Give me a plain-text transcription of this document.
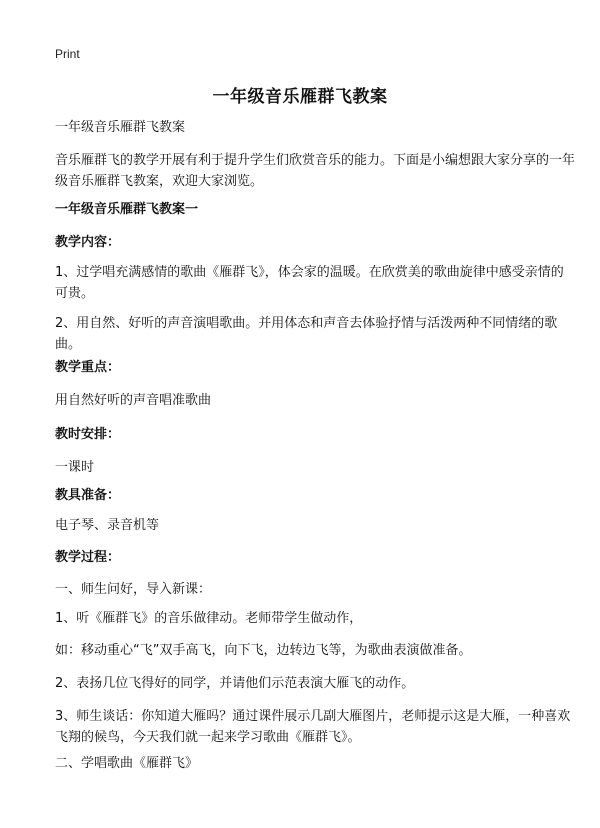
Print
一年级音乐雁群飞教案

一年级音乐雁群飞教案

音乐雁群飞的教学开展有利于提升学生们欣赏音乐的能力。下面是小编想跟大家分享的一年级音乐雁群飞教案，欢迎大家浏览。

一年级音乐雁群飞教案一

教学内容：

1、过学唱充满感情的歌曲《雁群飞》，体会家的温暖。在欣赏美的歌曲旋律中感受亲情的可贵。

2、用自然、好听的声音演唱歌曲。并用体态和声音去体验抒情与活泼两种不同情绪的歌曲。

教学重点：

用自然好听的声音唱准歌曲

教时安排：

一课时

教具准备：

电子琴、录音机等

教学过程：

一、师生问好，导入新课：

1、听《雁群飞》的音乐做律动。老师带学生做动作，

如：移动重心“飞”双手高飞，向下飞，边转边飞等，为歌曲表演做准备。

2、表扬几位飞得好的同学，并请他们示范表演大雁飞的动作。

3、师生谈话：你知道大雁吗？通过课件展示几副大雁图片，老师提示这是大雁，一种喜欢飞翔的候鸟，今天我们就一起来学习歌曲《雁群飞》。

二、学唱歌曲《雁群飞》
